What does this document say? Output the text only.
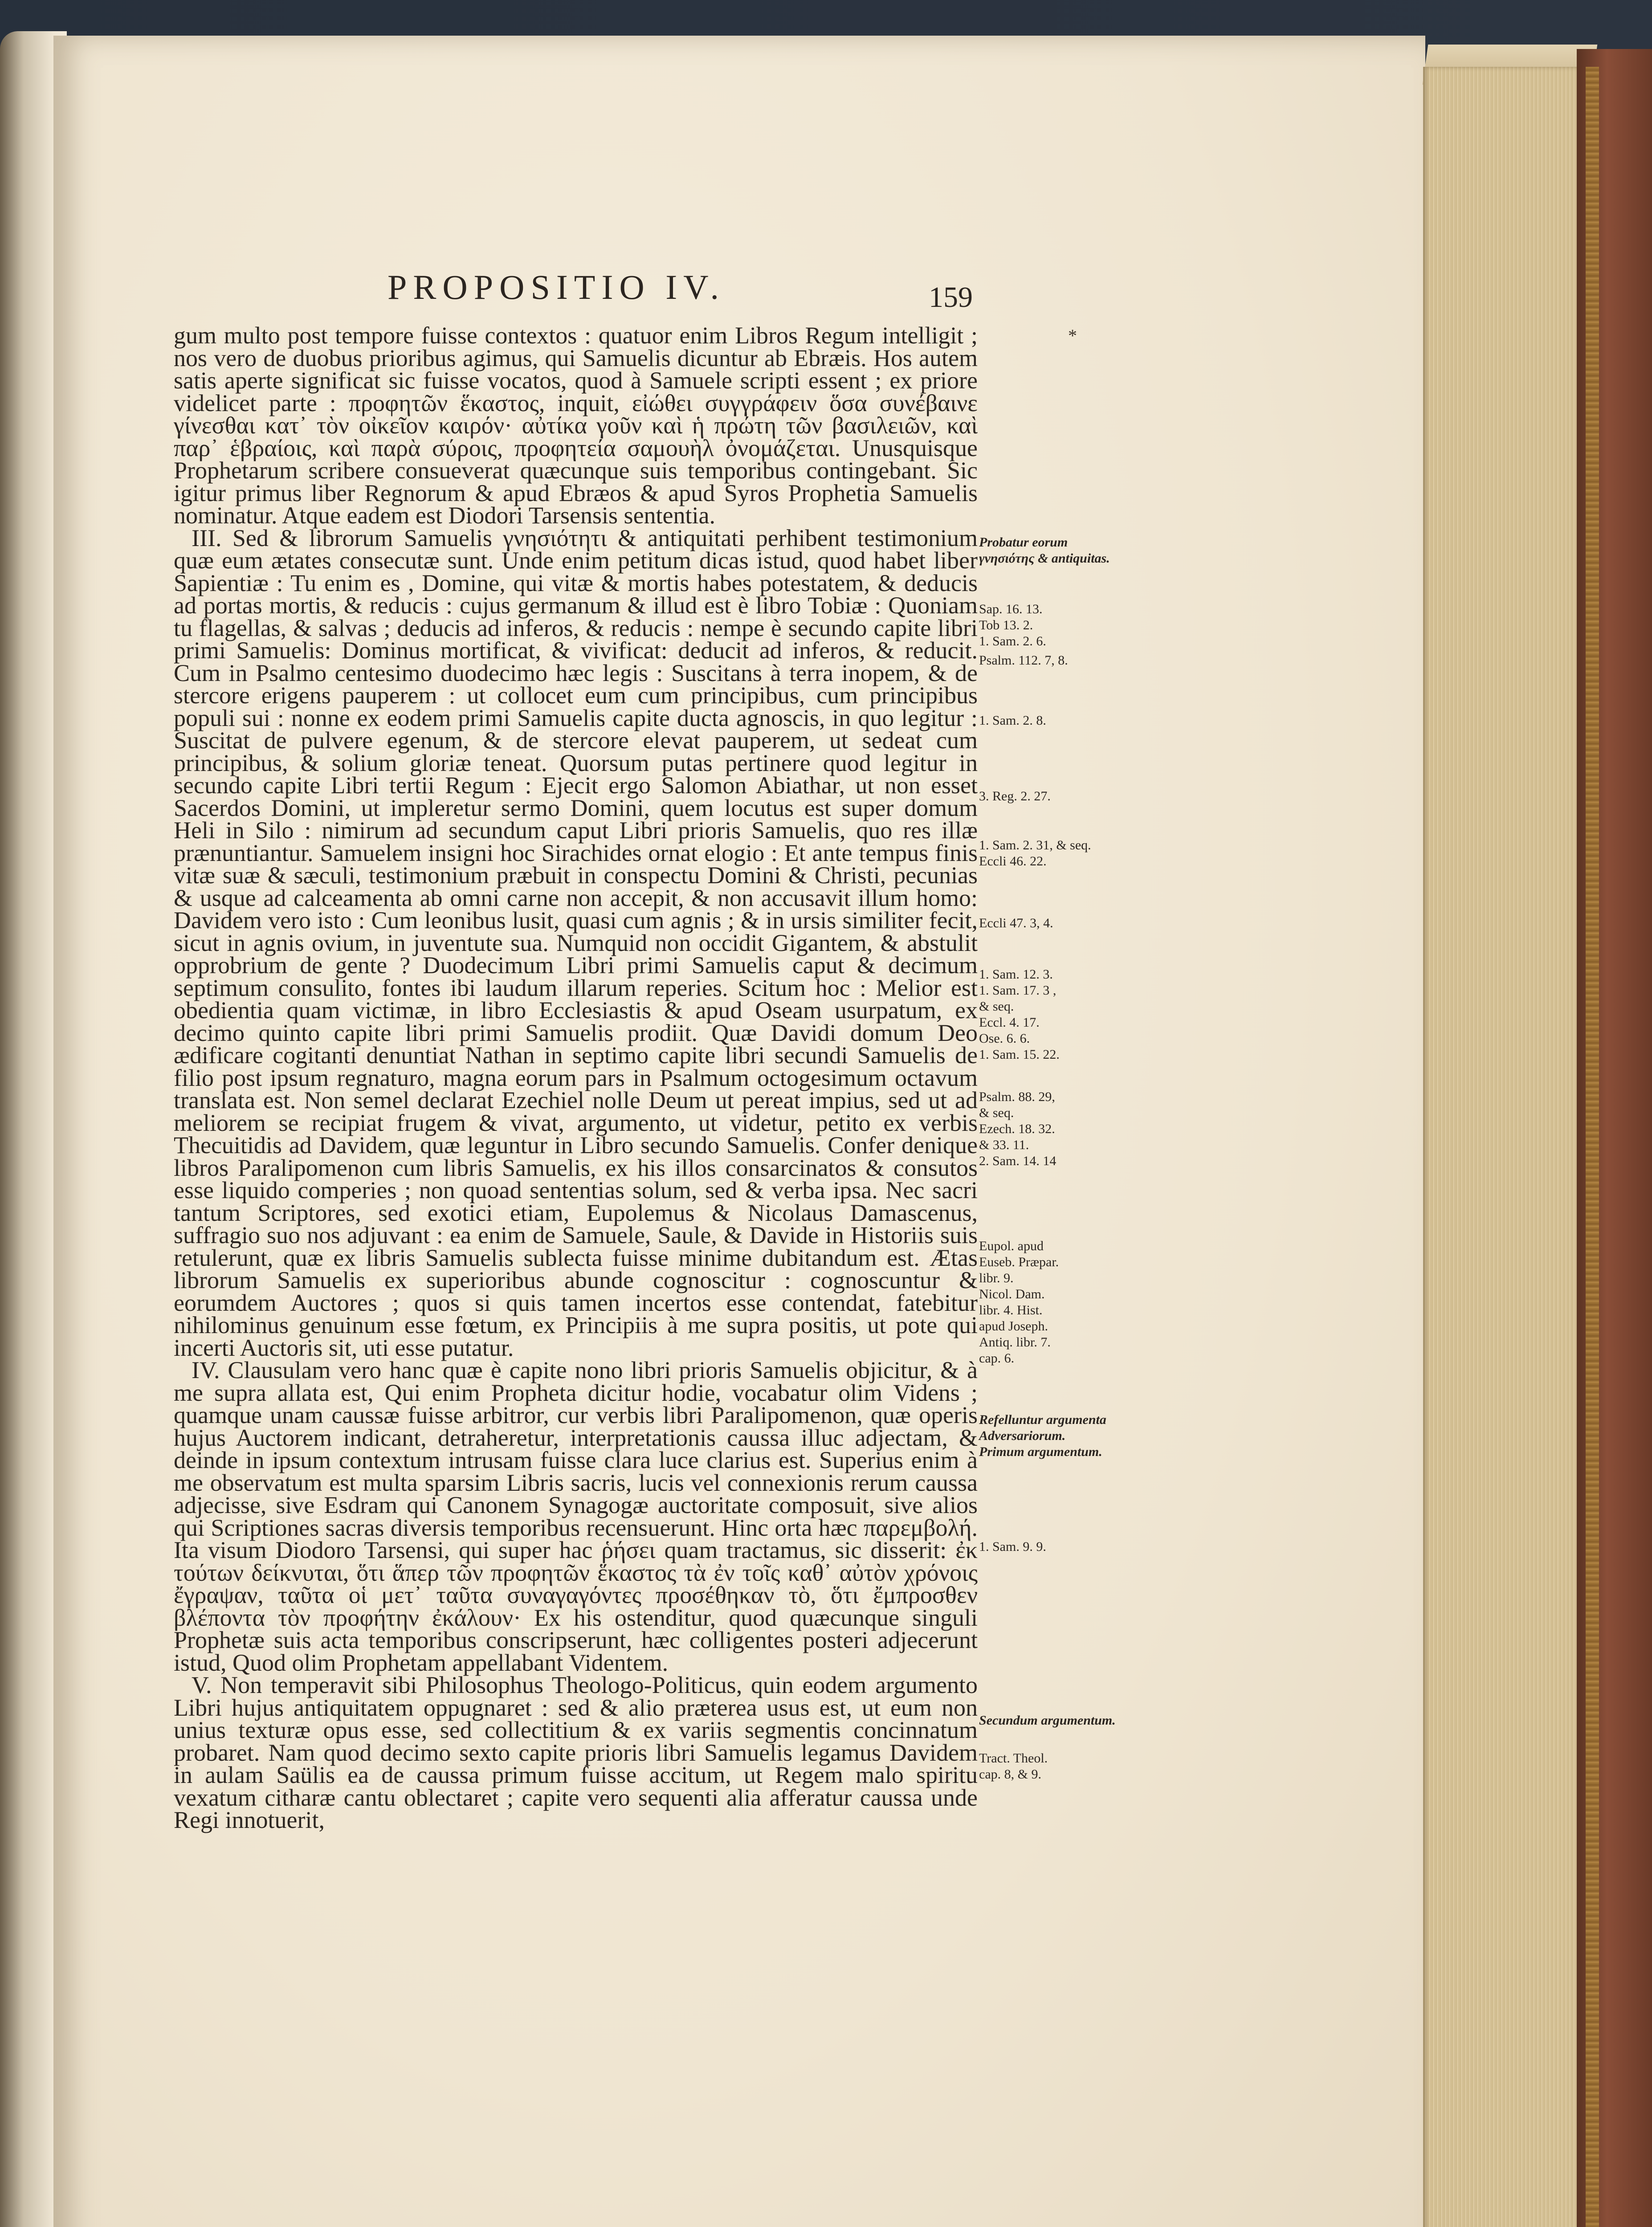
PROPOSITIO IV.	159
*

gum multo post tempore fuisse contextos : quatuor enim Libros Regum intelligit ; nos vero de duobus prioribus agimus, qui Samuelis dicuntur ab Ebræis. Hos autem satis aperte significat sic fuisse vocatos, quod à Samuele scripti essent ; ex priore videlicet parte : προφητῶν ἕκαστος, inquit, εἰώθει συγγράφειν ὅσα συνέβαινε γίνεσθαι κατ᾽ τὸν οἰκεῖον καιρόν· αὐτίκα γοῦν καὶ ἡ πρώτη τῶν βασιλειῶν, καὶ παρ᾽ ἑβραίοις, καὶ παρὰ σύροις, προφητεία σαμουὴλ ὀνομάζεται. Unusquisque Prophetarum scribere consueverat quæcunque suis temporibus contingebant. Sic igitur primus liber Regnorum & apud Ebræos & apud Syros Prophetia Samuelis nominatur. Atque eadem est Diodori Tarsensis sententia.

III. Sed & librorum Samuelis γνησιότητι & antiquitati perhibent testimonium quæ eum ætates consecutæ sunt. Unde enim petitum dicas istud, quod habet liber Sapientiæ : Tu enim es , Domine, qui vitæ & mortis habes potestatem, & deducis ad portas mortis, & reducis : cujus germanum & illud est è libro Tobiæ : Quoniam tu flagellas, & salvas ; deducis ad inferos, & reducis : nempe è secundo capite libri primi Samuelis: Dominus mortificat, & vivificat: deducit ad inferos, & reducit. Cum in Psalmo centesimo duodecimo hæc legis : Suscitans à terra inopem, & de stercore erigens pauperem : ut collocet eum cum principibus, cum principibus populi sui : nonne ex eodem primi Samuelis capite ducta agnoscis, in quo legitur : Suscitat de pulvere egenum, & de stercore elevat pauperem, ut sedeat cum principibus, & solium gloriæ teneat. Quorsum putas pertinere quod legitur in secundo capite Libri tertii Regum : Ejecit ergo Salomon Abiathar, ut non esset Sacerdos Domini, ut impleretur sermo Domini, quem locutus est super domum Heli in Silo : nimirum ad secundum caput Libri prioris Samuelis, quo res illæ prænuntiantur. Samuelem insigni hoc Sirachides ornat elogio : Et ante tempus finis vitæ suæ & sæculi, testimonium præbuit in conspectu Domini & Christi, pecunias & usque ad calceamenta ab omni carne non accepit, & non accusavit illum homo: Davidem vero isto : Cum leonibus lusit, quasi cum agnis ; & in ursis similiter fecit, sicut in agnis ovium, in juventute sua. Numquid non occidit Gigantem, & abstulit opprobrium de gente ? Duodecimum Libri primi Samuelis caput & decimum septimum consulito, fontes ibi laudum illarum reperies. Scitum hoc : Melior est obedientia quam victimæ, in libro Ecclesiastis & apud Oseam usurpatum, ex decimo quinto capite libri primi Samuelis prodiit. Quæ Davidi domum Deo ædificare cogitanti denuntiat Nathan in septimo capite libri secundi Samuelis de filio post ipsum regnaturo, magna eorum pars in Psalmum octogesimum octavum translata est. Non semel declarat Ezechiel nolle Deum ut pereat impius, sed ut ad meliorem se recipiat frugem & vivat, argumento, ut videtur, petito ex verbis Thecuitidis ad Davidem, quæ leguntur in Libro secundo Samuelis. Confer denique libros Paralipomenon cum libris Samuelis, ex his illos consarcinatos & consutos esse liquido comperies ; non quoad sententias solum, sed & verba ipsa. Nec sacri tantum Scriptores, sed exotici etiam, Eupolemus & Nicolaus Damascenus, suffragio suo nos adjuvant : ea enim de Samuele, Saule, & Davide in Historiis suis retulerunt, quæ ex libris Samuelis sublecta fuisse minime dubitandum est. Ætas librorum Samuelis ex superioribus abunde cognoscitur : cognoscuntur & eorumdem Auctores ; quos si quis tamen incertos esse contendat, fatebitur nihilominus genuinum esse fœtum, ex Principiis à me supra positis, ut pote qui incerti Auctoris sit, uti esse putatur.

IV. Clausulam vero hanc quæ è capite nono libri prioris Samuelis objicitur, & à me supra allata est, Qui enim Propheta dicitur hodie, vocabatur olim Videns ; quamque unam caussæ fuisse arbitror, cur verbis libri Paralipomenon, quæ operis hujus Auctorem indicant, detraheretur, interpretationis caussa illuc adjectam, & deinde in ipsum contextum intrusam fuisse clara luce clarius est. Superius enim à me observatum est multa sparsim Libris sacris, lucis vel connexionis rerum caussa adjecisse, sive Esdram qui Canonem Synagogæ auctoritate composuit, sive alios qui Scriptiones sacras diversis temporibus recensuerunt. Hinc orta hæc παρεμβολή. Ita visum Diodoro Tarsensi, qui super hac ῥήσει quam tractamus, sic disserit: ἐκ τούτων δείκνυται, ὅτι ἅπερ τῶν προφητῶν ἕκαστος τὰ ἐν τοῖς καθ᾽ αὐτὸν χρόνοις ἔγραψαν, ταῦτα οἱ μετ᾽ ταῦτα συναγαγόντες προσέθηκαν τὸ, ὅτι ἔμπροσθεν βλέποντα τὸν προφήτην ἐκάλουν· Ex his ostenditur, quod quæcunque singuli Prophetæ suis acta temporibus conscripserunt, hæc colligentes posteri adjecerunt istud, Quod olim Prophetam appellabant Videntem.

V. Non temperavit sibi Philosophus Theologo-Politicus, quin eodem argumento Libri hujus antiquitatem oppugnaret : sed & alio præterea usus est, ut eum non unius texturæ opus esse, sed collectitium & ex variis segmentis concinnatum probaret. Nam quod decimo sexto capite prioris libri Samuelis legamus Davidem in aulam Saülis ea de caussa primum fuisse accitum, ut Regem malo spiritu vexatum citharæ cantu oblectaret ; capite vero sequenti alia afferatur caussa unde Regi innotuerit,

Probatur eorum γνησιότης & antiquitas.
Sap. 16. 13.
Tob 13. 2.
1. Sam. 2. 6.
Psalm. 112. 7, 8.
1. Sam. 2. 8.
3. Reg. 2. 27.
1. Sam. 2. 31, & seq.
Eccli 46. 22.
Eccli 47. 3, 4.
1. Sam. 12. 3.
1. Sam. 17. 3 ,
& seq.
Eccl. 4. 17.
Ose. 6. 6.
1. Sam. 15. 22.
Psalm. 88. 29,
& seq.
Ezech. 18. 32.
& 33. 11.
2. Sam. 14. 14
Eupol. apud
Euseb. Præpar.
libr. 9.
Nicol. Dam.
libr. 4. Hist.
apud Joseph.
Antiq. libr. 7.
cap. 6.
Refelluntur argumenta Adversariorum.
Primum argumentum.
1. Sam. 9. 9.
Secundum argumentum.
Tract. Theol.
cap. 8, & 9.
